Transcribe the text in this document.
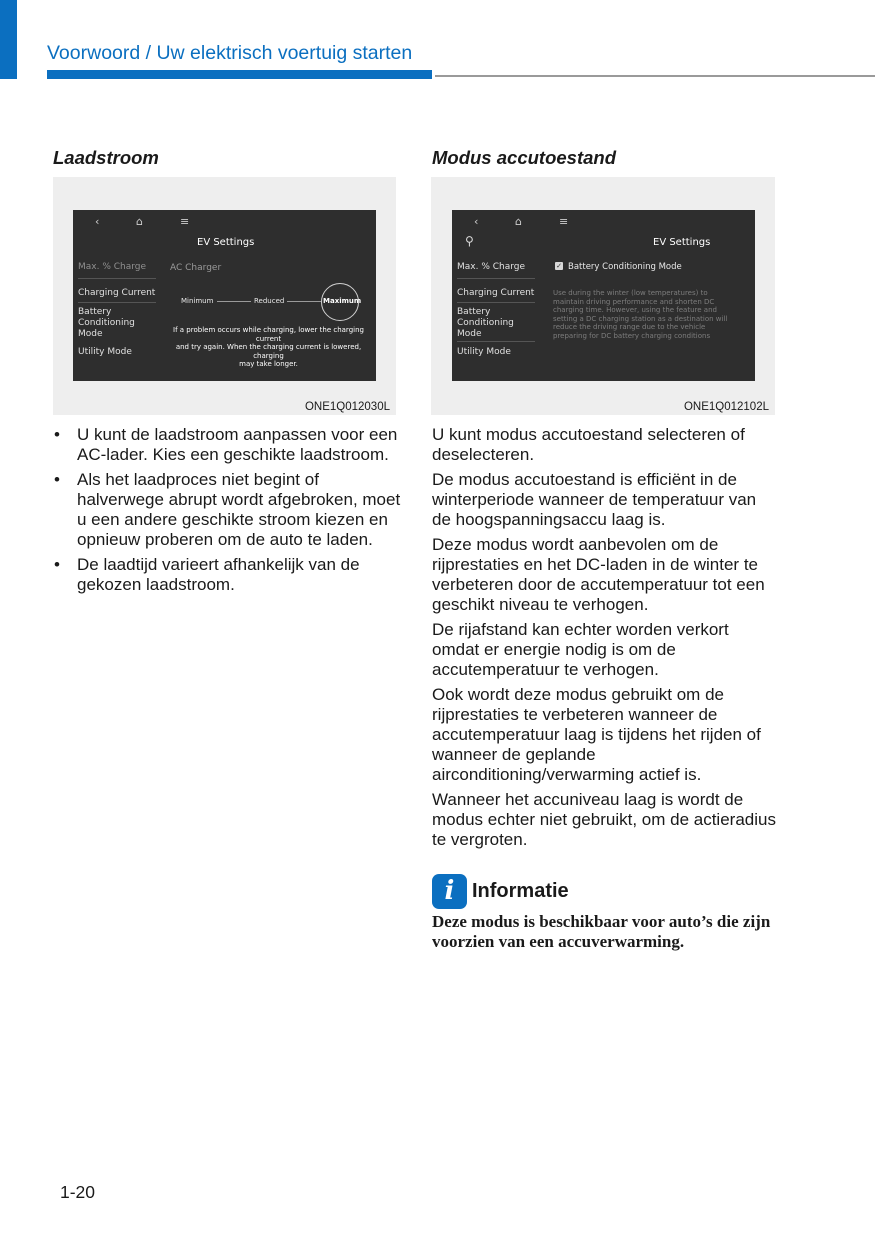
Voorwoord / Uw elektrisch voertuig starten
Laadstroom
‹	⌂	≡
EV Settings
Max. % Charge
Charging Current
Battery
Conditioning
Mode
Utility Mode
AC Charger
Minimum	Reduced	Maximum
If a problem occurs while charging, lower the charging current
and try again. When the charging current is lowered, charging
may take longer.
ONE1Q012030L
• U kunt de laadstroom aanpassen voor een AC-lader. Kies een geschikte laadstroom.
• Als het laadproces niet begint of halverwege abrupt wordt afgebroken, moet u een andere geschikte stroom kiezen en opnieuw proberen om de auto te laden.
• De laadtijd varieert afhankelijk van de gekozen laadstroom.
Modus accutoestand
‹	⌂	≡
⚲	EV Settings
Max. % Charge
Charging Current
Battery
Conditioning
Mode
Utility Mode
✓ Battery Conditioning Mode
Use during the winter (low temperatures) to
maintain driving performance and shorten DC
charging time. However, using the feature and
setting a DC charging station as a destination will
reduce the driving range due to the vehicle
preparing for DC battery charging conditions
ONE1Q012102L

U kunt modus accutoestand selecteren of deselecteren.

De modus accutoestand is efficiënt in de winterperiode wanneer de temperatuur van de hoogspanningsaccu laag is.

Deze modus wordt aanbevolen om de rijprestaties en het DC-laden in de winter te verbeteren door de accutemperatuur tot een geschikt niveau te verhogen.

De rijafstand kan echter worden verkort omdat er energie nodig is om de accutemperatuur te verhogen.

Ook wordt deze modus gebruikt om de rijprestaties te verbeteren wanneer de accutemperatuur laag is tijdens het rijden of wanneer de geplande airconditioning/verwarming actief is.

Wanneer het accuniveau laag is wordt de modus echter niet gebruikt, om de actieradius te vergroten.

i Informatie
Deze modus is beschikbaar voor auto’s die zijn voorzien van een accuverwarming.
1-20
